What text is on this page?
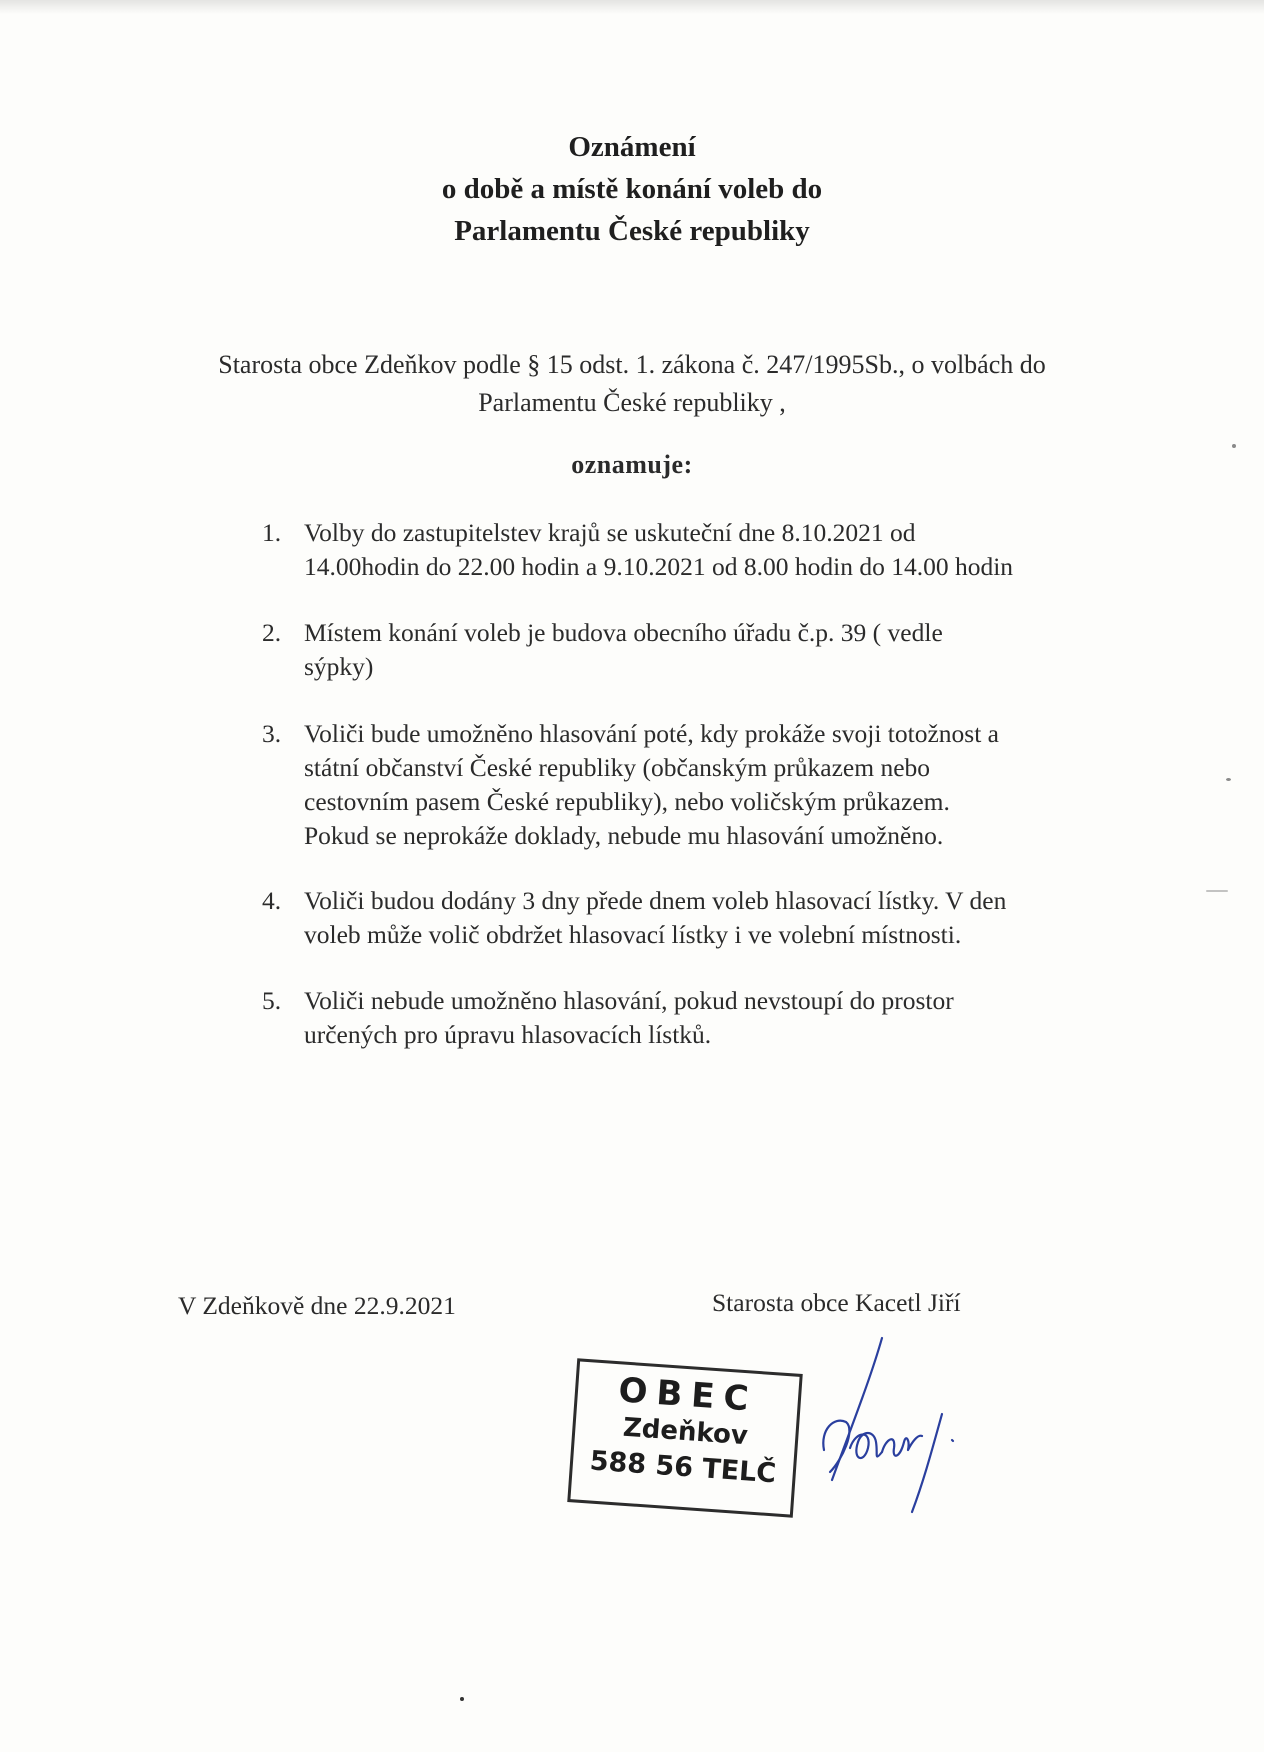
Oznámení
o době a místě konání voleb do
Parlamentu České republiky
Starosta obce Zdeňkov podle § 15 odst. 1. zákona č. 247/1995Sb., o volbách do
Parlamentu České republiky ,
oznamuje:
1. Volby do zastupitelstev krajů se uskuteční dne 8.10.2021 od
14.00hodin do 22.00 hodin a 9.10.2021 od 8.00 hodin do 14.00 hodin
2. Místem konání voleb je budova obecního úřadu č.p. 39 ( vedle
sýpky)
3. Voliči bude umožněno hlasování poté, kdy prokáže svoji totožnost a
státní občanství České republiky (občanským průkazem nebo
cestovním pasem České republiky), nebo voličským průkazem.
Pokud se neprokáže doklady, nebude mu hlasování umožněno.
4. Voliči budou dodány 3 dny přede dnem voleb hlasovací lístky. V den
voleb může volič obdržet hlasovací lístky i ve volební místnosti.
5. Voliči nebude umožněno hlasování, pokud nevstoupí do prostor
určených pro úpravu hlasovacích lístků.
V Zdeňkově dne 22.9.2021	Starosta obce Kacetl Jiří
OBEC
Zdeňkov
588 56 TELČ
